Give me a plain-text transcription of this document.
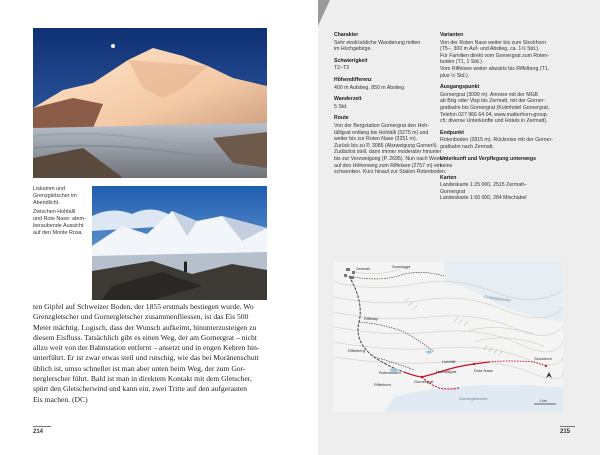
Liskamm und
Grenzgletscher im
Abendlicht.
Zwischen Hohtälli
und Rote Nase: atem-
beraubende Aussicht
auf den Monte Rosa.
ten Gipfel auf Schweizer Boden, der 1855 erstmals bestiegen wurde. Wo
Grenzgletscher und Gornergletscher zusammenfliessen, ist das Eis 500
Meter mächtig. Logisch, dass der Wunsch aufkeimt, hinunterzusteigen zu
diesem Eisfluss. Tatsächlich gibt es einen Weg, der am Gornergrat – nicht
allzu weit von der Bahnstation entfernt – ansetzt und in engen Kehren hin-
unterführt. Er ist zwar etwas steil und rutschig, wie das bei Moränenschutt
üblich ist, umso schneller ist man aber unten beim Weg, der zum Gor-
nerglerscher führt. Bald ist man in direktem Kontakt mit dem Gletscher,
spürt den Gletscherwind und kann ein, zwei Tritte auf den aufgerauten
Eis machen. (DC)
214
Charakter
Sehr eindrückliche Wanderung mitten
im Hochgebirge.
Schwierigkeit
T2–T3
Höhendifferenz
400 m Aufstieg, 850 m Abstieg
Wanderzeit
5 Std.
Route
Von der Bergstation Gornergrat den Hoh-
tälligrat entlang bis Hohtälli (3275 m) und
weiter bis zur Roten Nase (3251 m).
Zurück bis zu P. 3085 (Abzweigung Gornerli).
Zudächst steil, dann immer moderater hinunter
bis zur Verzweigung (P. 2695). Nun nach Westen
auf den Höhenweg zum Riffelsee (2757 m) ein-
schwenken. Kurz hinauf zur Station Rotenboden.
Varianten
Von der Roten Nase weiter bis zum Stockhorn
(T5–, 300 m Auf- und Abstieg, ca. 1½ Std.).
Für Familien direkt vom Gornergrat zum Roten-
boden (T1, 1 Std.).
Vom Riffelsee weiter abwärts bis Riffelberg (T1,
plus ½ Std.).
Ausgangspunkt
Gornergrat (3090 m). Anreise mit der MGB
ab Brig oder Visp bis Zermatt, mit der Gorner-
gratbahn bis Gornergrat (Kulmhotel Gornergrat,
Telefon 027 966 64 04, www.matterhorn-group.
ch; diverse Unterkünfte und Hotels in Zermatt).
Endpunkt
Rotenboden (2815 m). Rückreise mit der Gorner-
gratbahn nach Zermatt.
Unterkunft und Verpflegung unterwegs
keine
Karten
Landeskarte 1:25 000, 2515 Zermatt–
Gornergrat
Landeskarte 1:50 000, 284 Mischabel
Zermatt	Sunnegga
Findelgletscher
Riffelalp
Riffelberg
Rotenboden
Riffelhorn
Gornergrat
Hohtälli
Hohtälligrat	Rote Nase
Stockhorn
Gornergletscher	1 km
215
